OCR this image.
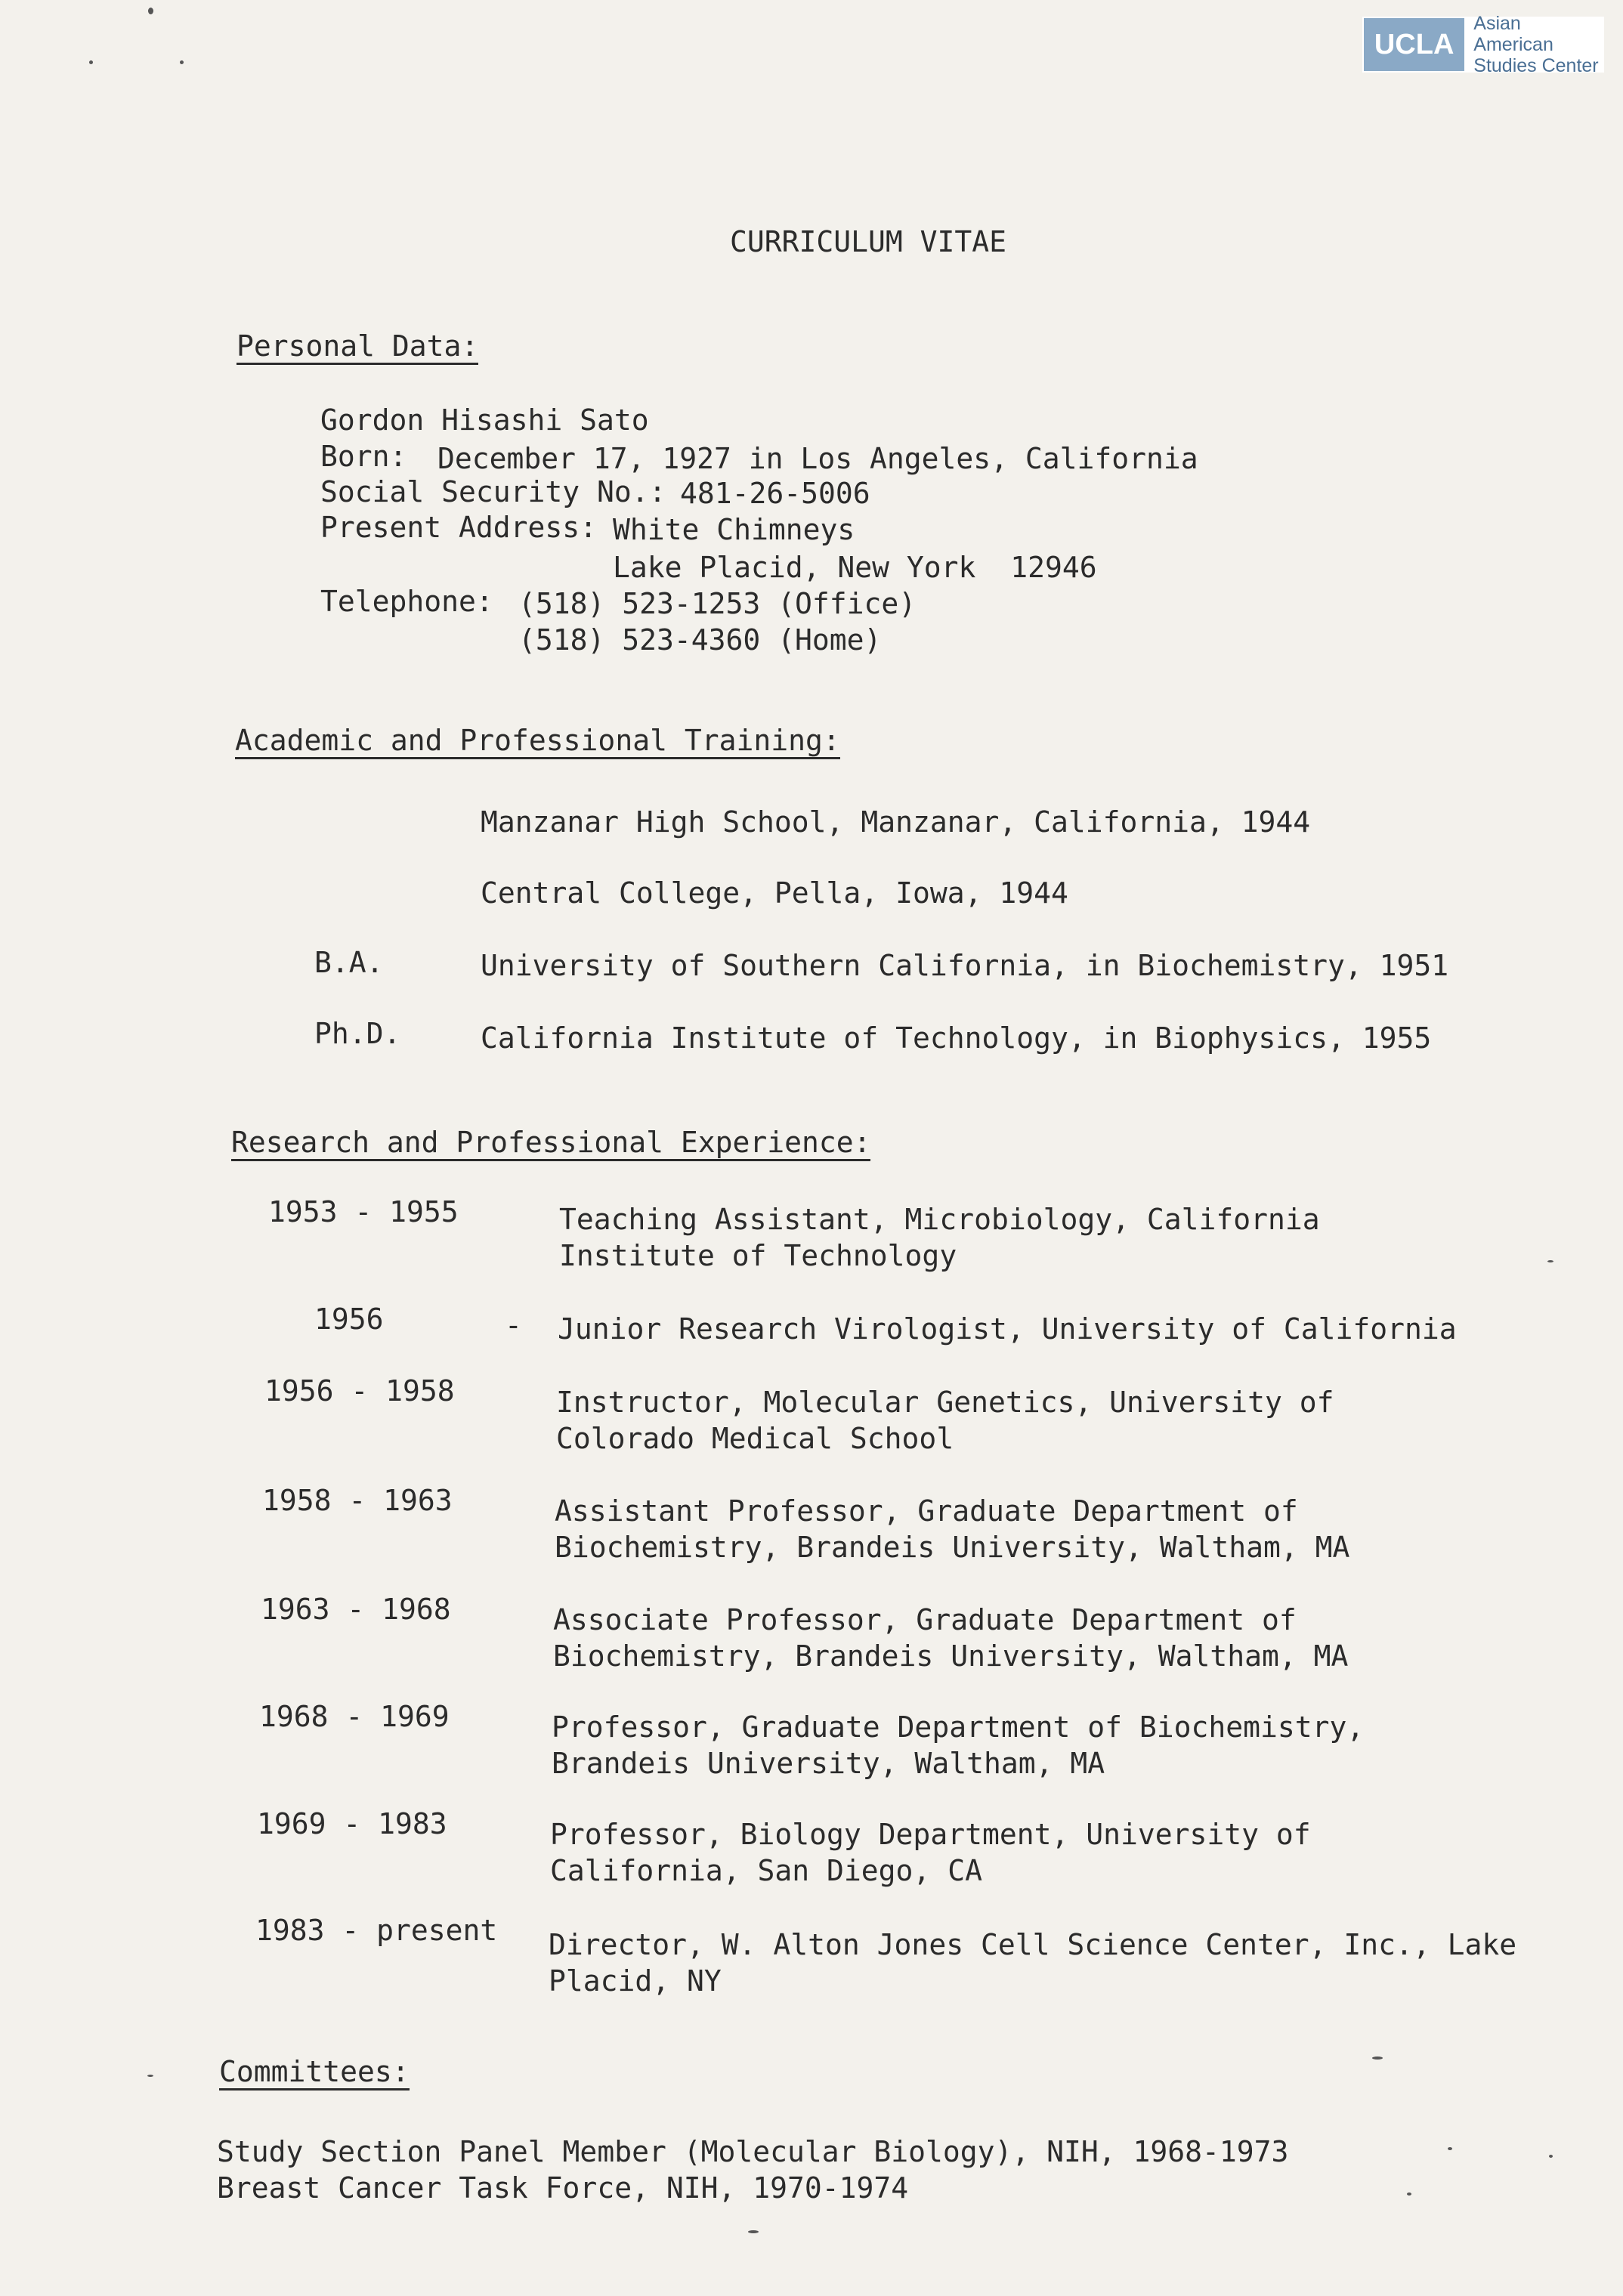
UCLA
Asian American
Studies Center
CURRICULUM VITAE
Personal Data:
Gordon Hisashi Sato
Born: December 17, 1927 in Los Angeles, California
Social Security No.: 481-26-5006
Present Address: White Chimneys
Lake Placid, New York  12946
Telephone: (518) 523-1253 (Office)
(518) 523-4360 (Home)
Academic and Professional Training:
Manzanar High School, Manzanar, California, 1944
Central College, Pella, Iowa, 1944
B.A.	University of Southern California, in Biochemistry, 1951
Ph.D.	California Institute of Technology, in Biophysics, 1955
Research and Professional Experience:
1953 - 1955	Teaching Assistant, Microbiology, California
Institute of Technology
1956	- Junior Research Virologist, University of California
1956 - 1958	Instructor, Molecular Genetics, University of
Colorado Medical School
1958 - 1963	Assistant Professor, Graduate Department of
Biochemistry, Brandeis University, Waltham, MA
1963 - 1968	Associate Professor, Graduate Department of
Biochemistry, Brandeis University, Waltham, MA
1968 - 1969	Professor, Graduate Department of Biochemistry,
Brandeis University, Waltham, MA
1969 - 1983	Professor, Biology Department, University of
California, San Diego, CA
1983 - present Director, W. Alton Jones Cell Science Center, Inc., Lake
Placid, NY
Committees:
Study Section Panel Member (Molecular Biology), NIH, 1968-1973
Breast Cancer Task Force, NIH, 1970-1974
